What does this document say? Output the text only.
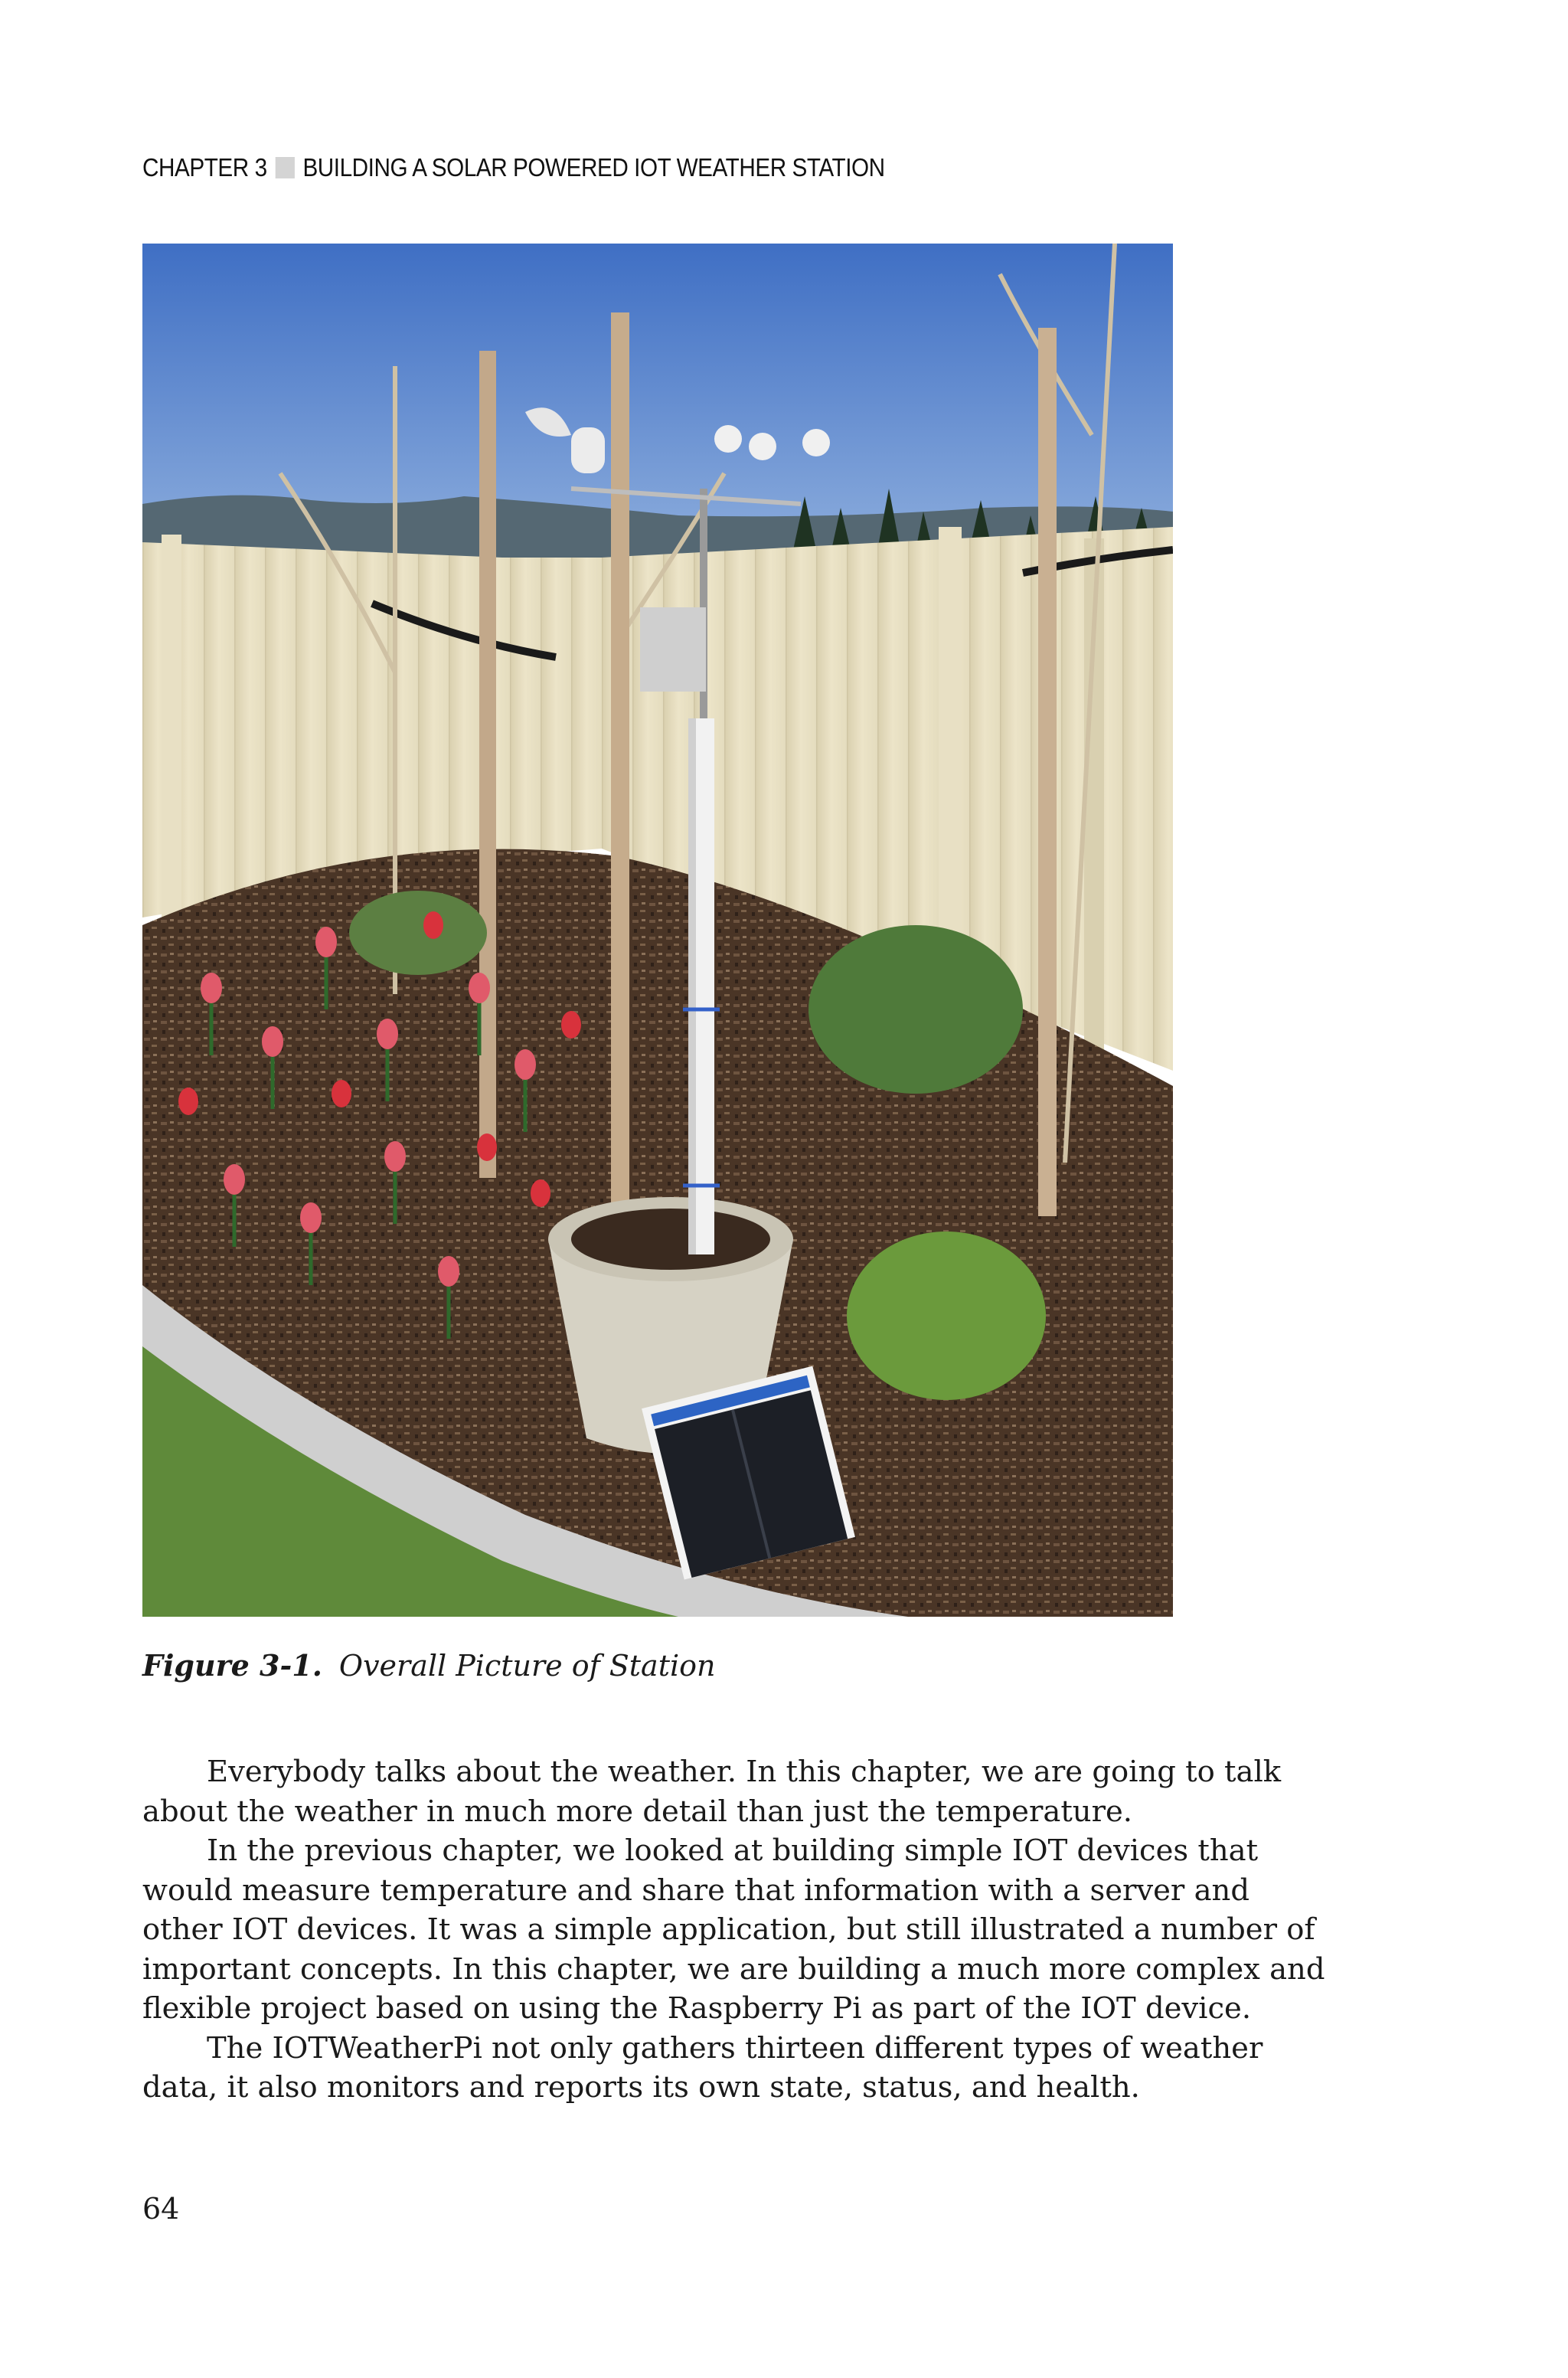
CHAPTER 3 BUILDING A SOLAR POWERED IOT WEATHER STATION
Figure 3-1. Overall Picture of Station

Everybody talks about the weather. In this chapter, we are going to talk about the weather in much more detail than just the temperature.

In the previous chapter, we looked at building simple IOT devices that would measure temperature and share that information with a server and other IOT devices. It was a simple application, but still illustrated a number of important concepts. In this chapter, we are building a much more complex and flexible project based on using the Raspberry Pi as part of the IOT device.

The IOTWeatherPi not only gathers thirteen different types of weather data, it also monitors and reports its own state, status, and health.

64
